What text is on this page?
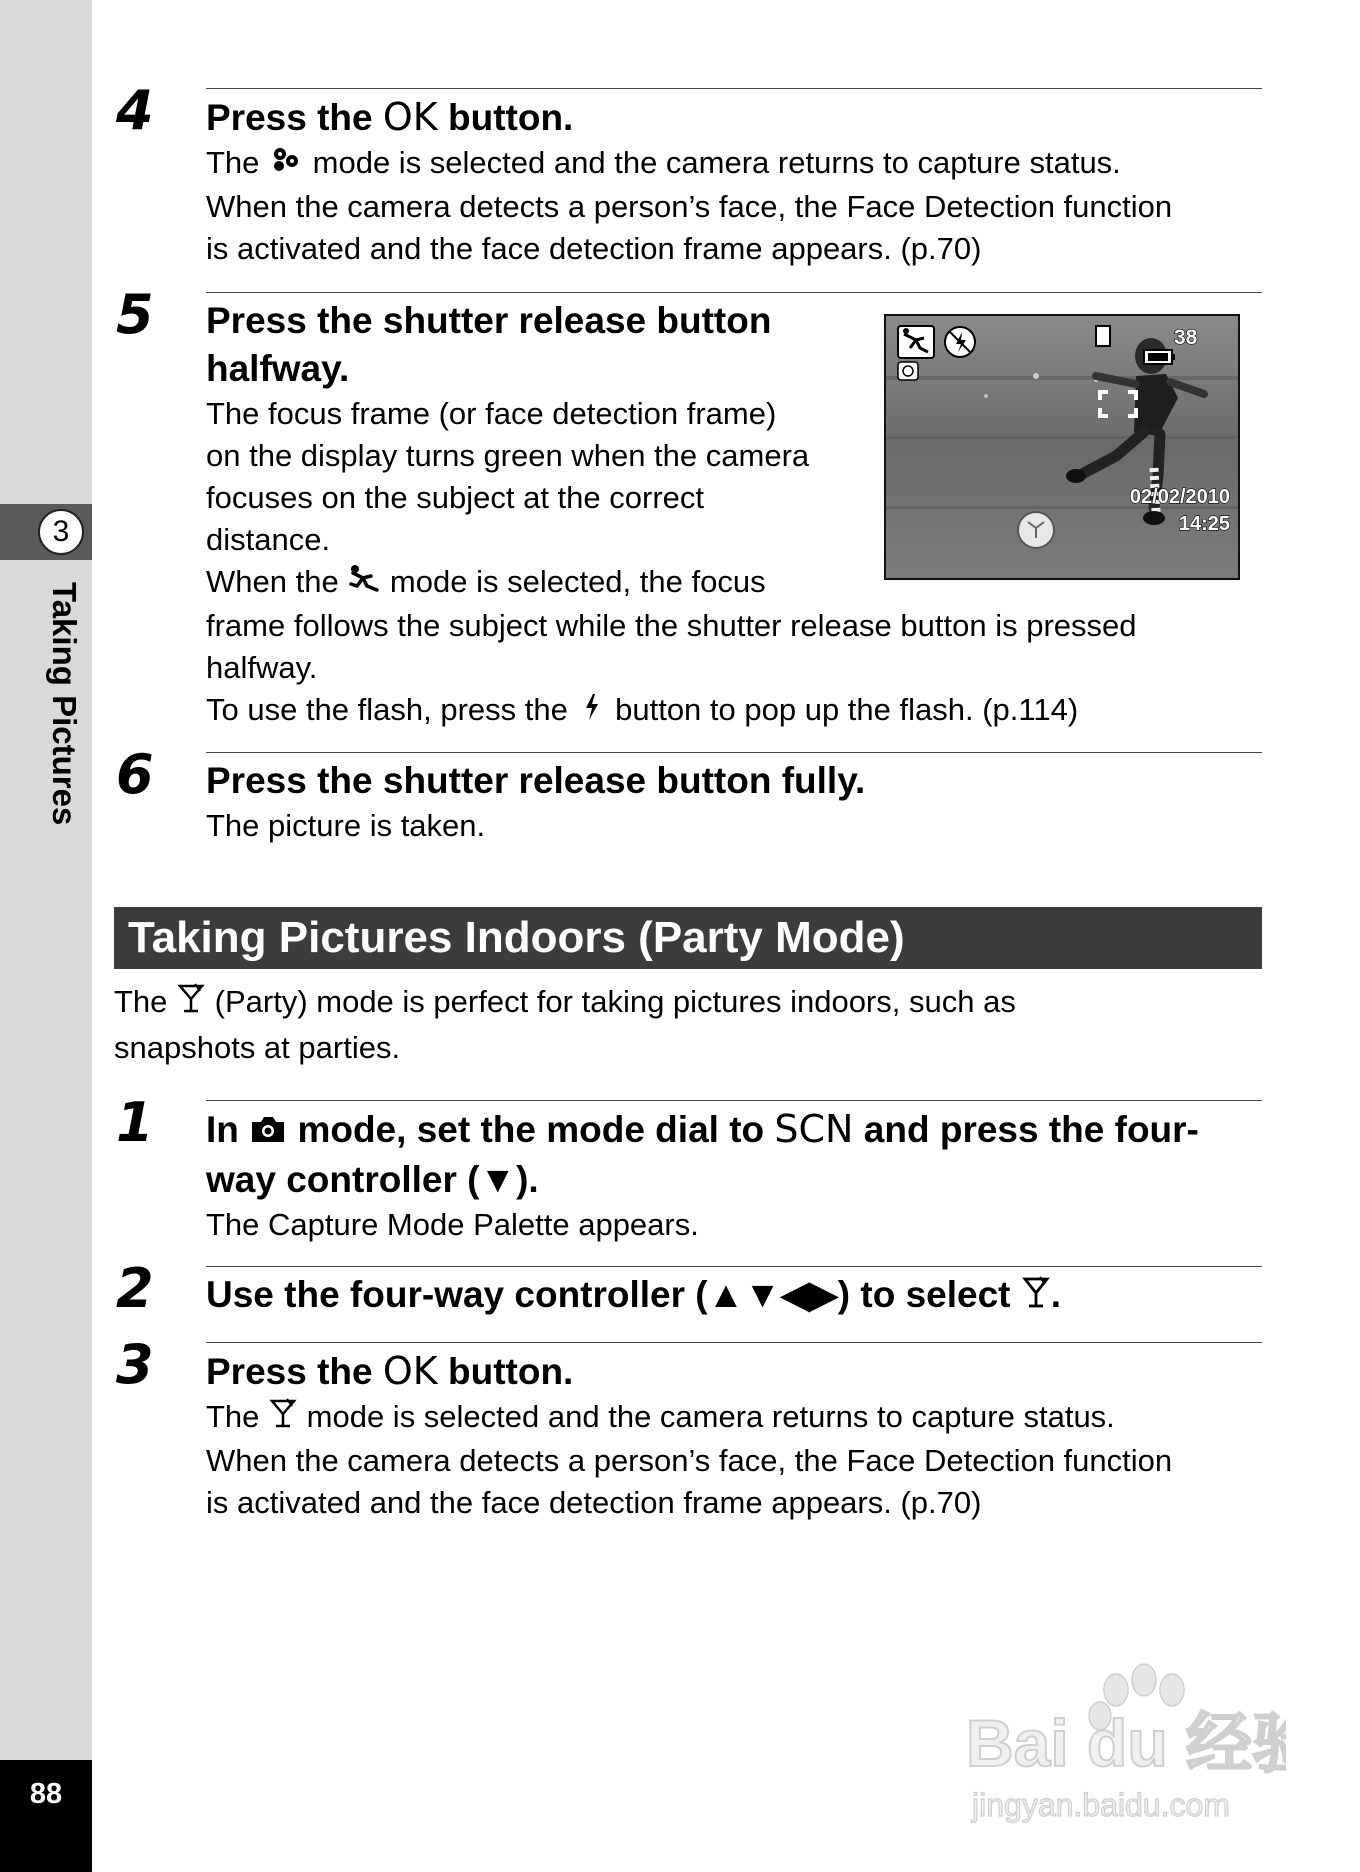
3
Taking Pictures
88
4	Press the OK button.

The  mode is selected and the camera returns to capture status.

When the camera detects a person’s face, the Face Detection function

is activated and the face detection frame appears. (p.70)

5	Press the shutter release button
halfway.

The focus frame (or face detection frame)

on the display turns green when the camera

focuses on the subject at the correct

distance.

When the  mode is selected, the focus

frame follows the subject while the shutter release button is pressed

halfway.

To use the flash, press the  button to pop up the flash. (p.114)

38
02/02/2010
14:25
6	Press the shutter release button fully.

The picture is taken.

Taking Pictures Indoors (Party Mode)

The  (Party) mode is perfect for taking pictures indoors, such as
snapshots at parties.

1	In  mode, set the mode dial to SCN and press the four-
way controller (▼).

The Capture Mode Palette appears.

2	Use the four-way controller (▲▼◀▶) to select .
3	Press the OK button.

The  mode is selected and the camera returns to capture status.

When the camera detects a person’s face, the Face Detection function

is activated and the face detection frame appears. (p.70)

Bai du 经验
jingyan.baidu.com
